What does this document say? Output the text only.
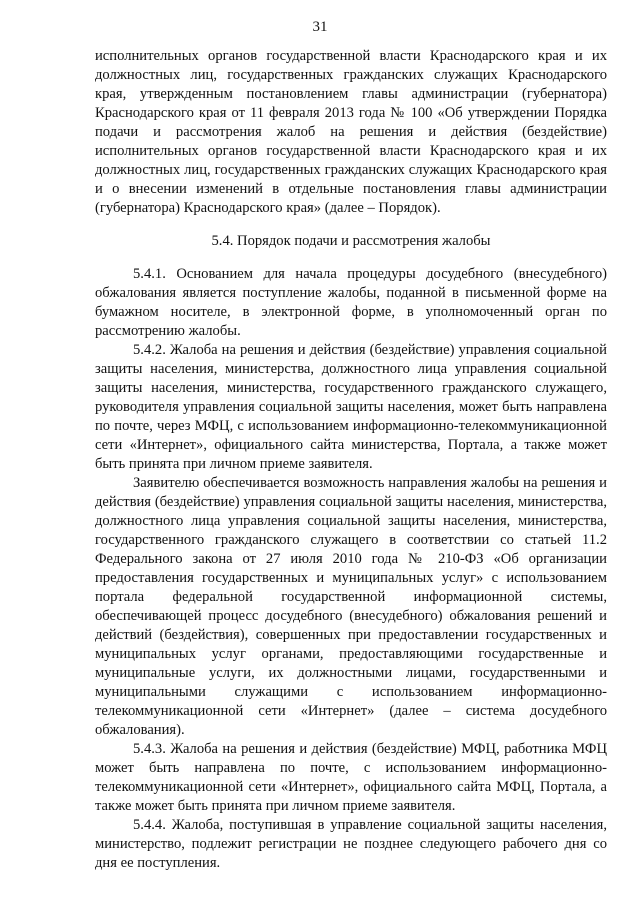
31

исполнительных органов государственной власти Краснодарского края и их должностных лиц, государственных гражданских служащих Краснодарского края, утвержденным постановлением главы администрации (губернатора) Краснодарского края от 11 февраля 2013 года № 100 «Об утверждении Порядка подачи и рассмотрения жалоб на решения и действия (бездействие) исполнительных органов государственной власти Краснодарского края и их должностных лиц, государственных гражданских служащих Краснодарского края и о внесении изменений в отдельные постановления главы администрации (губернатора) Краснодарского края» (далее – Порядок).

5.4. Порядок подачи и рассмотрения жалобы

5.4.1. Основанием для начала процедуры досудебного (внесудебного) обжалования является поступление жалобы, поданной в письменной форме на бумажном носителе, в электронной форме, в уполномоченный орган по рассмотрению жалобы.

5.4.2. Жалоба на решения и действия (бездействие) управления социальной защиты населения, министерства, должностного лица управления социальной защиты населения, министерства, государственного гражданского служащего, руководителя управления социальной защиты населения, может быть направлена по почте, через МФЦ, с использованием информационно-телекоммуникационной сети «Интернет», официального сайта министерства, Портала, а также может быть принята при личном приеме заявителя.

Заявителю обеспечивается возможность направления жалобы на решения и действия (бездействие) управления социальной защиты населения, министерства, должностного лица управления социальной защиты населения, министерства, государственного гражданского служащего в соответствии со статьей 11.2 Федерального закона от 27 июля 2010 года № 210-ФЗ «Об организации предоставления государственных и муниципальных услуг» с использованием портала федеральной государственной информационной системы, обеспечивающей процесс досудебного (внесудебного) обжалования решений и действий (бездействия), совершенных при предоставлении государственных и муниципальных услуг органами, предоставляющими государственные и муниципальные услуги, их должностными лицами, государственными и муниципальными служащими с использованием информационно-телекоммуникационной сети «Интернет» (далее – система досудебного обжалования).

5.4.3. Жалоба на решения и действия (бездействие) МФЦ, работника МФЦ может быть направлена по почте, с использованием информационно-телекоммуникационной сети «Интернет», официального сайта МФЦ, Портала, а также может быть принята при личном приеме заявителя.

5.4.4. Жалоба, поступившая в управление социальной защиты населения, министерство, подлежит регистрации не позднее следующего рабочего дня со дня ее поступления.
